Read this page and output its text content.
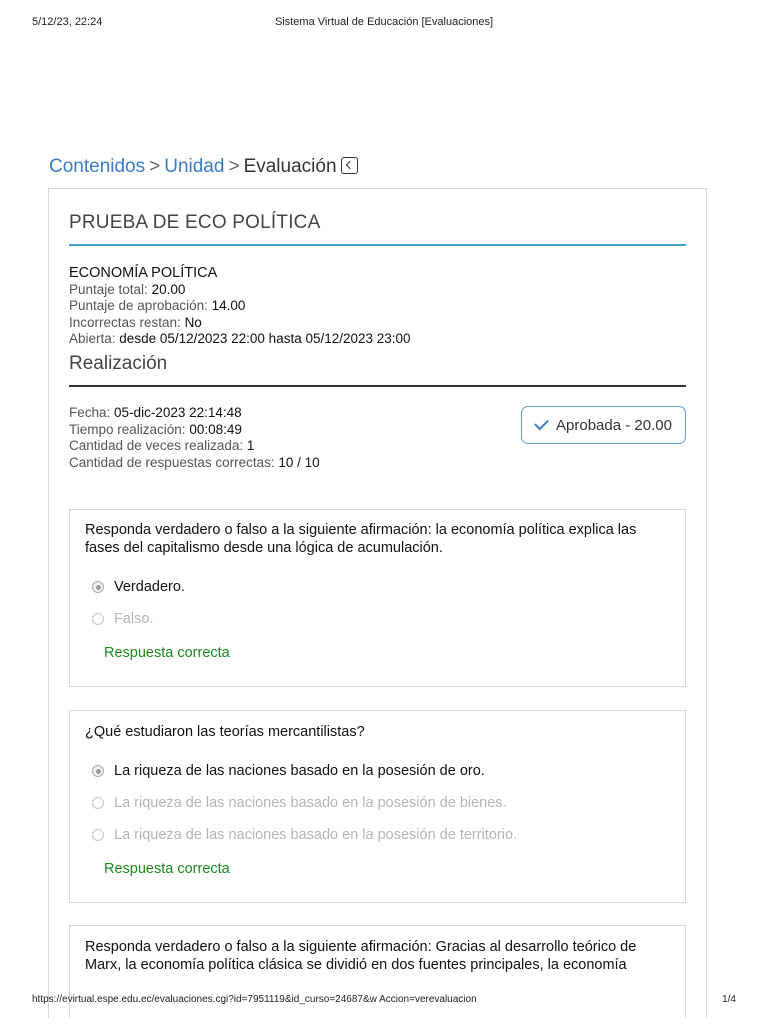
5/12/23, 22:24	Sistema Virtual de Educación [Evaluaciones]
Contenidos > Unidad > Evaluación
PRUEBA DE ECO POLÍTICA
ECONOMÍA POLÍTICA
Puntaje total: 20.00
Puntaje de aprobación: 14.00
Incorrectas restan: No
Abierta: desde 05/12/2023 22:00 hasta 05/12/2023 23:00
Realización
Fecha: 05-dic-2023 22:14:48
Tiempo realización: 00:08:49
Cantidad de veces realizada: 1
Cantidad de respuestas correctas: 10 / 10
Aprobada - 20.00
Responda verdadero o falso a la siguiente afirmación: la economía política explica las fases del capitalismo desde una lógica de acumulación.
Verdadero.
Falso.
Respuesta correcta
¿Qué estudiaron las teorías mercantilistas?
La riqueza de las naciones basado en la posesión de oro.
La riqueza de las naciones basado en la posesión de bienes.
La riqueza de las naciones basado en la posesión de territorio.
Respuesta correcta
Responda verdadero o falso a la siguiente afirmación: Gracias al desarrollo teórico de Marx, la economía política clásica se dividió en dos fuentes principales, la economía
https://evirtual.espe.edu.ec/evaluaciones.cgi?id=7951119&id_curso=24687&w Accion=verevaluacion	1/4
